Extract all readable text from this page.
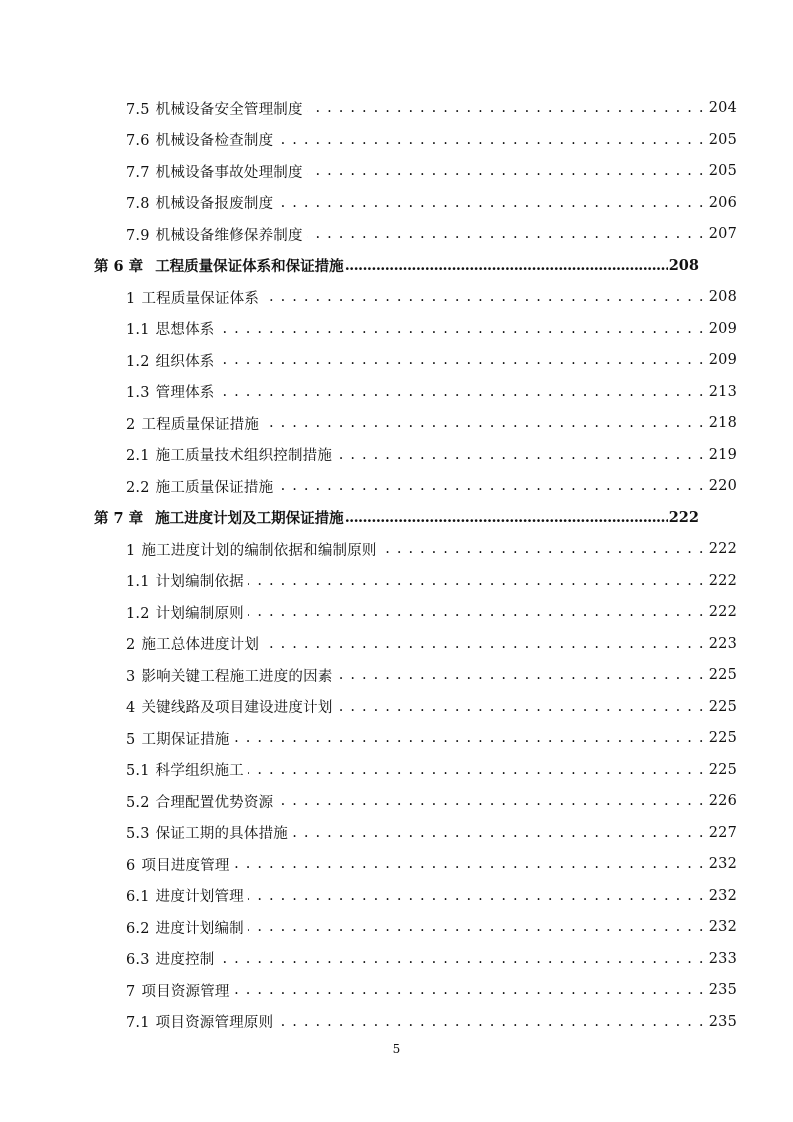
7.5 机械设备安全管理制度 . . .	204
7.6 机械设备检查制度 . . .	205
7.7 机械设备事故处理制度 . . .	205
7.8 机械设备报废制度 . . .	206
7.9 机械设备维修保养制度 . . .	207
第 6 章 工程质量保证体系和保证措施 .....	208
1 工程质量保证体系 . . .	208
1.1 思想体系 . . .	209
1.2 组织体系 . . .	209
1.3 管理体系 . . .	213
2 工程质量保证措施 . . .	218
2.1 施工质量技术组织控制措施 . . .	219
2.2 施工质量保证措施 . . .	220
第 7 章 施工进度计划及工期保证措施 .....	222
1 施工进度计划的编制依据和编制原则 . . .	222
1.1 计划编制依据 . . .	222
1.2 计划编制原则 . . .	222
2 施工总体进度计划 . . .	223
3 影响关键工程施工进度的因素 . . .	225
4 关键线路及项目建设进度计划 . . .	225
5 工期保证措施 . . .	225
5.1 科学组织施工 . . .	225
5.2 合理配置优势资源 . . .	226
5.3 保证工期的具体措施 . . .	227
6 项目进度管理 . . .	232
6.1 进度计划管理 . . .	232
6.2 进度计划编制 . . .	232
6.3 进度控制 . . .	233
7 项目资源管理 . . .	235
7.1 项目资源管理原则 . . .	235
5
